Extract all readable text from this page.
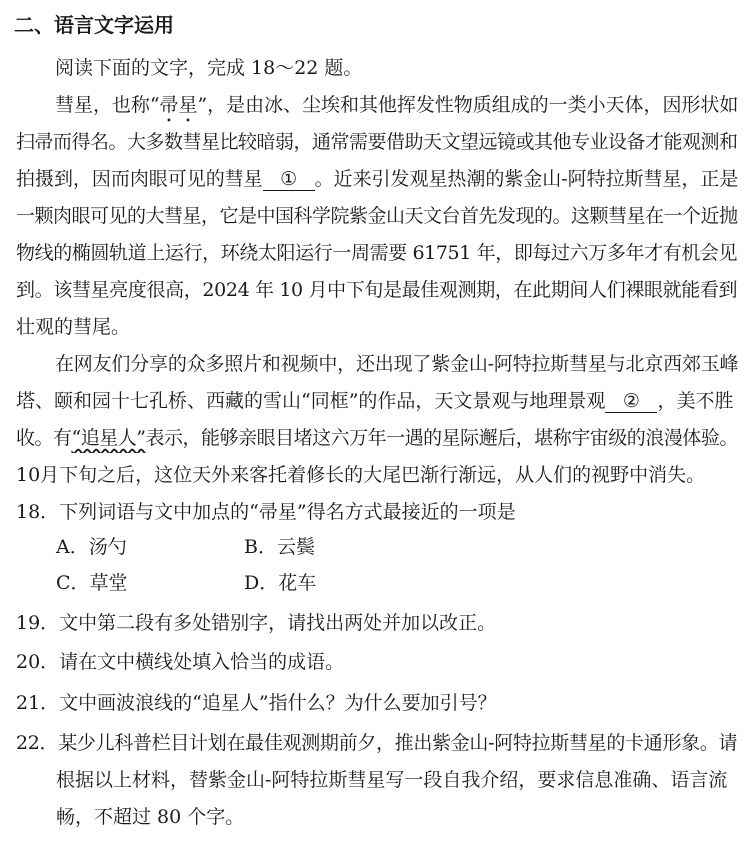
二、语言文字运用

阅读下面的文字，完成 18～22 题。

彗星，也称“帚星”，是由冰、尘埃和其他挥发性物质组成的一类小天体，因形状如

扫帚而得名。大多数彗星比较暗弱，通常需要借助天文望远镜或其他专业设备才能观测和

拍摄到，因而肉眼可见的彗星 ① 。近来引发观星热潮的紫金山-阿特拉斯彗星，正是

一颗肉眼可见的大彗星，它是中国科学院紫金山天文台首先发现的。这颗彗星在一个近抛

物线的椭圆轨道上运行，环绕太阳运行一周需要 61751 年，即每过六万多年才有机会见

到。该彗星亮度很高，2024 年 10 月中下旬是最佳观测期，在此期间人们裸眼就能看到

壮观的彗尾。

在网友们分享的众多照片和视频中，还出现了紫金山-阿特拉斯彗星与北京西郊玉峰

塔、颐和园十七孔桥、西藏的雪山“同框”的作品，天文景观与地理景观 ② ，美不胜

收。有“追星人”表示，能够亲眼目堵这六万年一遇的星际邂后，堪称宇宙级的浪漫体验。

10月下旬之后，这位天外来客托着修长的大尾巴渐行渐远，从人们的视野中消失。

18．下列词语与文中加点的“帚星”得名方式最接近的一项是

A．汤勺	B．云鬓

C．草堂	D．花车

19．文中第二段有多处错别字，请找出两处并加以改正。

20．请在文中横线处填入恰当的成语。

21．文中画波浪线的“追星人”指什么？为什么要加引号？

22．某少儿科普栏目计划在最佳观测期前夕，推出紫金山-阿特拉斯彗星的卡通形象。请

根据以上材料，替紫金山-阿特拉斯彗星写一段自我介绍，要求信息准确、语言流

畅，不超过 80 个字。
